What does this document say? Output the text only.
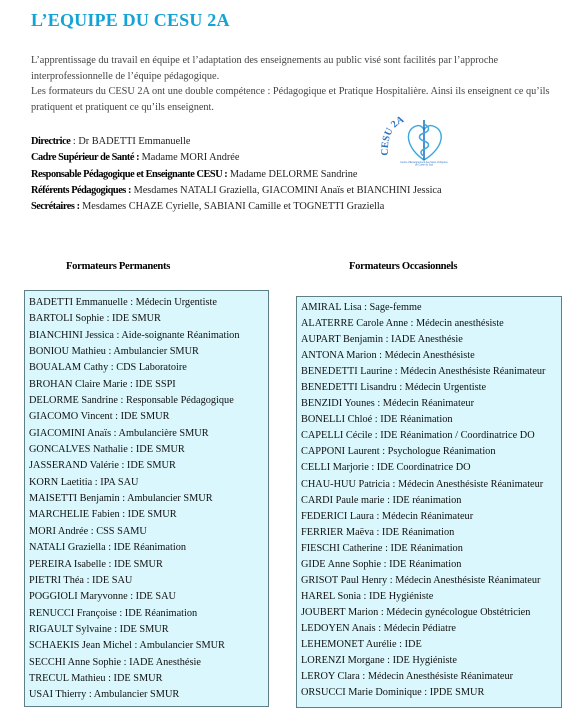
L’EQUIPE DU CESU 2A

L’apprentissage du travail en équipe et l’adaptation des enseignements au public visé sont facilités par l’approche interprofessionnelle de l’équipe pédagogique.

Les formateurs du CESU 2A ont une double compétence : Pédagogique et Pratique Hospitalière. Ainsi ils enseignent ce qu’ils pratiquent et pratiquent ce qu’ils enseignent.

Directrice : Dr BADETTI Emmanuelle
Cadre Supérieur de Santé : Madame MORI Andrée
Responsable Pédagogique et Enseignante CESU : Madame DELORME Sandrine
Référents Pédagogiques : Mesdames NATALI Graziella, GIACOMINI Anaïs et BIANCHINI Jessica
Secrétaires : Mesdames CHAZE Cyrielle, SABIANI Camille et TOGNETTI Graziella
CESU 2A
Centre d'Enseignement des Soins d'Urgence
de Corse du Sud
Formateurs Permanents	Formateurs Occasionnels
BADETTI Emmanuelle : Médecin Urgentiste
BARTOLI Sophie : IDE SMUR
BIANCHINI Jessica : Aide-soignante Réanimation
BONIOU Mathieu : Ambulancier SMUR
BOUALAM Cathy : CDS Laboratoire
BROHAN Claire Marie : IDE SSPI
DELORME Sandrine : Responsable Pédagogique
GIACOMO Vincent : IDE SMUR
GIACOMINI Anaïs : Ambulancière SMUR
GONCALVES Nathalie : IDE SMUR
JASSERAND Valérie : IDE SMUR
KORN Laetitia : IPA SAU
MAISETTI Benjamin : Ambulancier SMUR
MARCHELIE Fabien : IDE SMUR
MORI Andrée : CSS SAMU
NATALI Graziella : IDE Réanimation
PEREIRA Isabelle : IDE SMUR
PIETRI Théa : IDE SAU
POGGIOLI Maryvonne : IDE SAU
RENUCCI Françoise : IDE Réanimation
RIGAULT Sylvaine : IDE SMUR
SCHAEKIS Jean Michel : Ambulancier SMUR
SECCHI Anne Sophie : IADE Anesthésie
TRECUL Mathieu : IDE SMUR
USAI Thierry : Ambulancier SMUR
AMIRAL Lisa : Sage-femme
ALATERRE Carole Anne : Médecin anesthésiste
AUPART Benjamin : IADE Anesthésie
ANTONA Marion : Médecin Anesthésiste
BENEDETTI Laurine : Médecin Anesthésiste Réanimateur
BENEDETTI Lisandru : Médecin Urgentiste
BENZIDI Younes : Médecin Réanimateur
BONELLI Chloé : IDE Réanimation
CAPELLI Cécile : IDE Réanimation / Coordinatrice DO
CAPPONI Laurent : Psychologue Réanimation
CELLI Marjorie : IDE Coordinatrice DO
CHAU-HUU Patricia : Médecin Anesthésiste Réanimateur
CARDI Paule marie : IDE réanimation
FEDERICI Laura : Médecin Réanimateur
FERRIER Maëva : IDE Réanimation
FIESCHI Catherine : IDE Réanimation
GIDE Anne Sophie : IDE Réanimation
GRISOT Paul Henry : Médecin Anesthésiste Réanimateur
HAREL Sonia : IDE Hygiéniste
JOUBERT Marion : Médecin gynécologue Obstétricien
LEDOYEN Anais : Médecin Pédiatre
LEHEMONET Aurélie : IDE
LORENZI Morgane : IDE Hygiéniste
LEROY Clara : Médecin Anesthésiste Réanimateur
ORSUCCI Marie Dominique : IPDE SMUR
